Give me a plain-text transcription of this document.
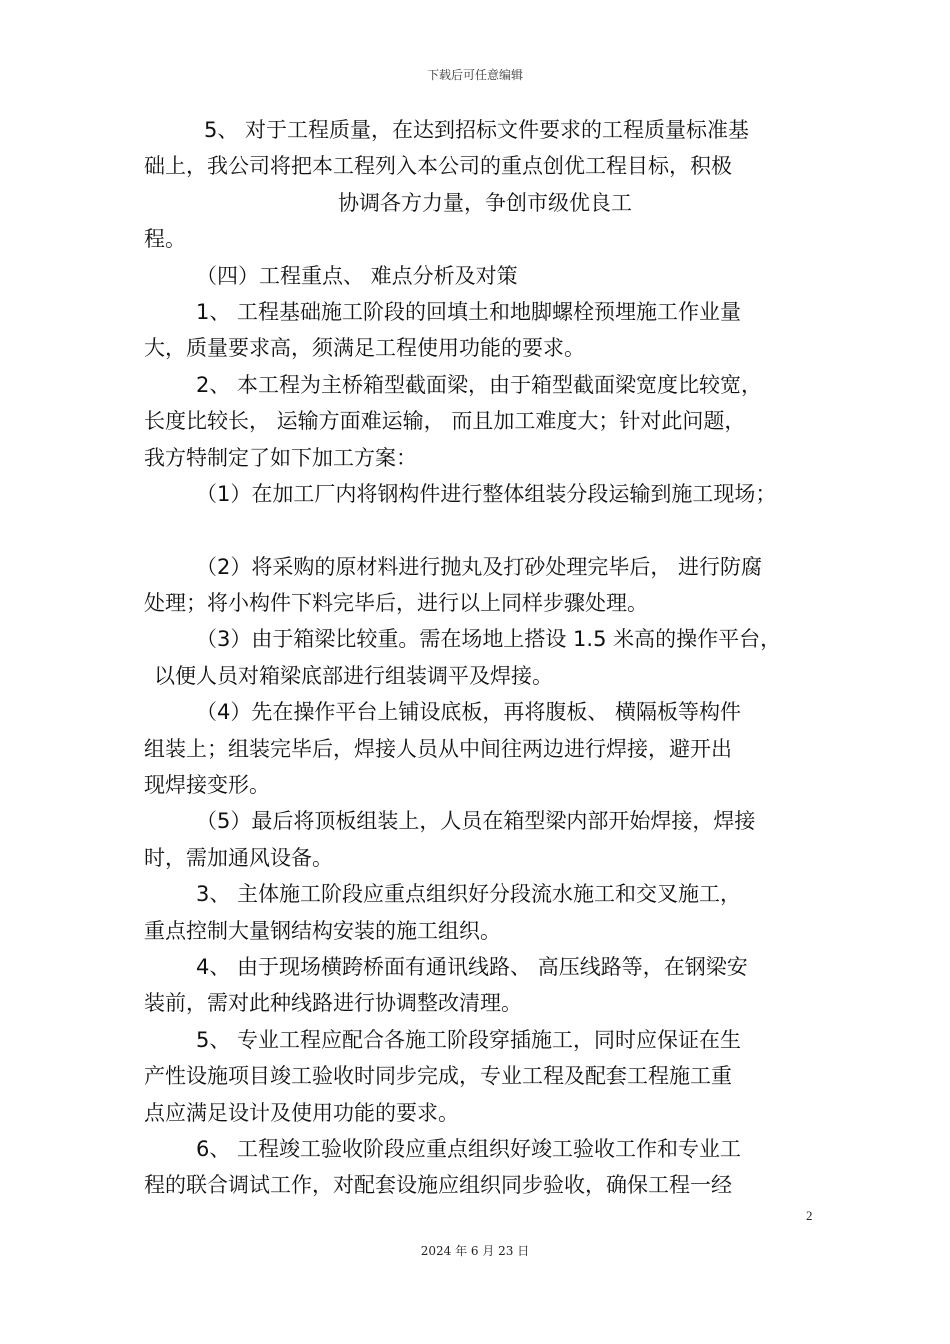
下载后可任意编辑
5、 对于工程质量，在达到招标文件要求的工程质量标准基
础上，我公司将把本工程列入本公司的重点创优工程目标，积极
协调各方力量，争创市级优良工
程。
（四）工程重点、 难点分析及对策
1、 工程基础施工阶段的回填土和地脚螺栓预埋施工作业量
大，质量要求高，须满足工程使用功能的要求。
2、 本工程为主桥箱型截面梁，由于箱型截面梁宽度比较宽，
长度比较长， 运输方面难运输， 而且加工难度大；针对此问题，
我方特制定了如下加工方案：
（1）在加工厂内将钢构件进行整体组装分段运输到施工现场；
（2）将采购的原材料进行抛丸及打砂处理完毕后， 进行防腐
处理；将小构件下料完毕后，进行以上同样步骤处理。
（3）由于箱梁比较重。需在场地上搭设 1.5 米高的操作平台，
以便人员对箱梁底部进行组装调平及焊接。
（4）先在操作平台上铺设底板，再将腹板、 横隔板等构件
组装上；组装完毕后，焊接人员从中间往两边进行焊接，避开出
现焊接变形。
（5）最后将顶板组装上，人员在箱型梁内部开始焊接，焊接
时，需加通风设备。
3、 主体施工阶段应重点组织好分段流水施工和交叉施工，
重点控制大量钢结构安装的施工组织。
4、 由于现场横跨桥面有通讯线路、 高压线路等，在钢梁安
装前，需对此种线路进行协调整改清理。
5、 专业工程应配合各施工阶段穿插施工，同时应保证在生
产性设施项目竣工验收时同步完成，专业工程及配套工程施工重
点应满足设计及使用功能的要求。
6、 工程竣工验收阶段应重点组织好竣工验收工作和专业工
程的联合调试工作，对配套设施应组织同步验收，确保工程一经
2
2024 年 6 月 23 日
